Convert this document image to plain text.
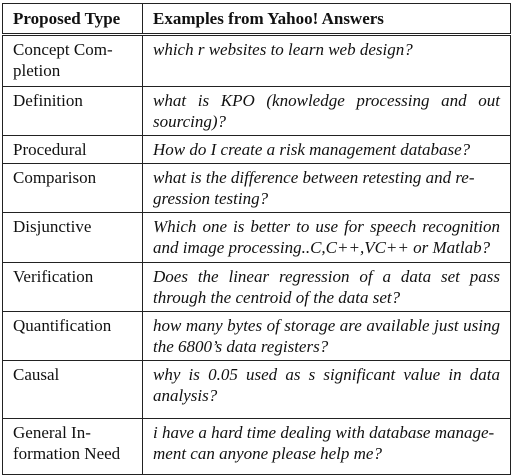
Proposed Type	Examples from Yahoo! Answers
Concept Com-
pletion	which r websites to learn web design?
Definition	what is KPO (knowledge processing and out sourcing)?
Procedural	How do I create a risk management database?
Comparison	what is the difference between retesting and re-
gression testing?
Disjunctive	Which one is better to use for speech recognition and image processing..C,C++,VC++ or Matlab?
Verification	Does the linear regression of a data set pass through the centroid of the data set?
Quantification	how many bytes of storage are available just using the 6800’s data registers?
Causal	why is 0.05 used as s significant value in data analysis?
General In-
formation Need	i have a hard time dealing with database manage-
ment can anyone please help me?
